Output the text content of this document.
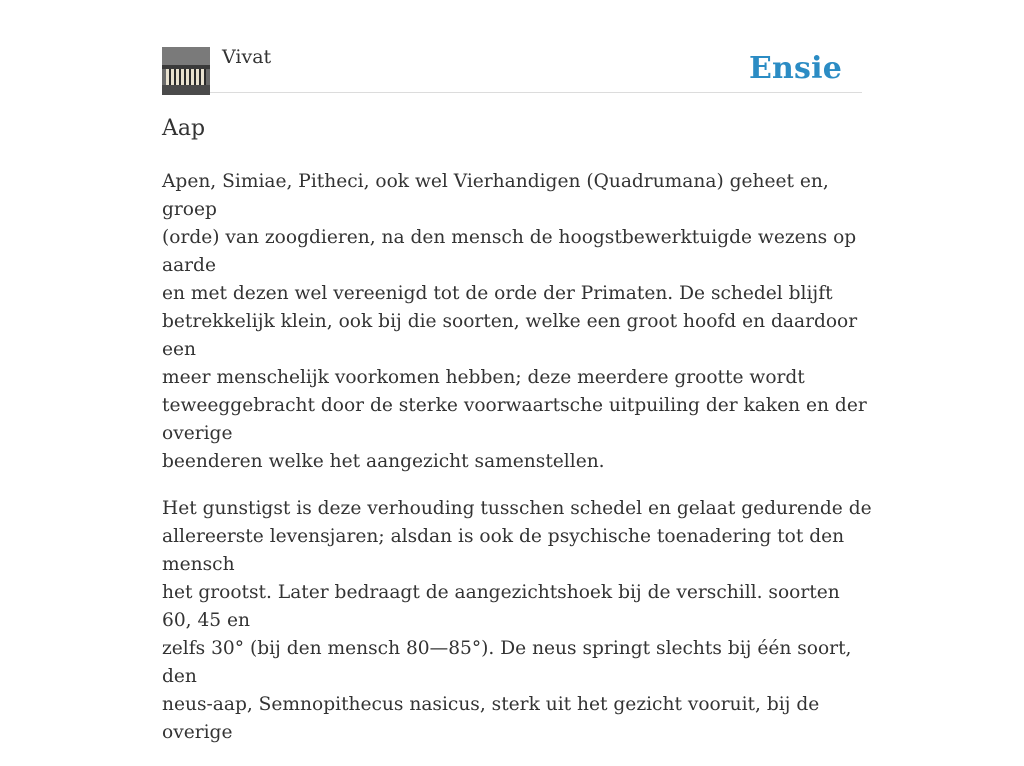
Vivat	Ensie
Aap

Apen, Simiae, Pitheci, ook wel Vierhandigen (Quadrumana) geheet en, groep
(orde) van zoogdieren, na den mensch de hoogstbewerktuigde wezens op aarde
en met dezen wel vereenigd tot de orde der Primaten. De schedel blijft
betrekkelijk klein, ook bij die soorten, welke een groot hoofd en daardoor een
meer menschelijk voorkomen hebben; deze meerdere grootte wordt
teweeggebracht door de sterke voorwaartsche uitpuiling der kaken en der overige
beenderen welke het aangezicht samenstellen.

Het gunstigst is deze verhouding tusschen schedel en gelaat gedurende de
allereerste levensjaren; alsdan is ook de psychische toenadering tot den mensch
het grootst. Later bedraagt de aangezichtshoek bij de verschill. soorten 60, 45 en
zelfs 30° (bij den mensch 80—85°). De neus springt slechts bij één soort, den
neus-aap, Semnopithecus nasicus, sterk uit het gezicht vooruit, bij de overige
